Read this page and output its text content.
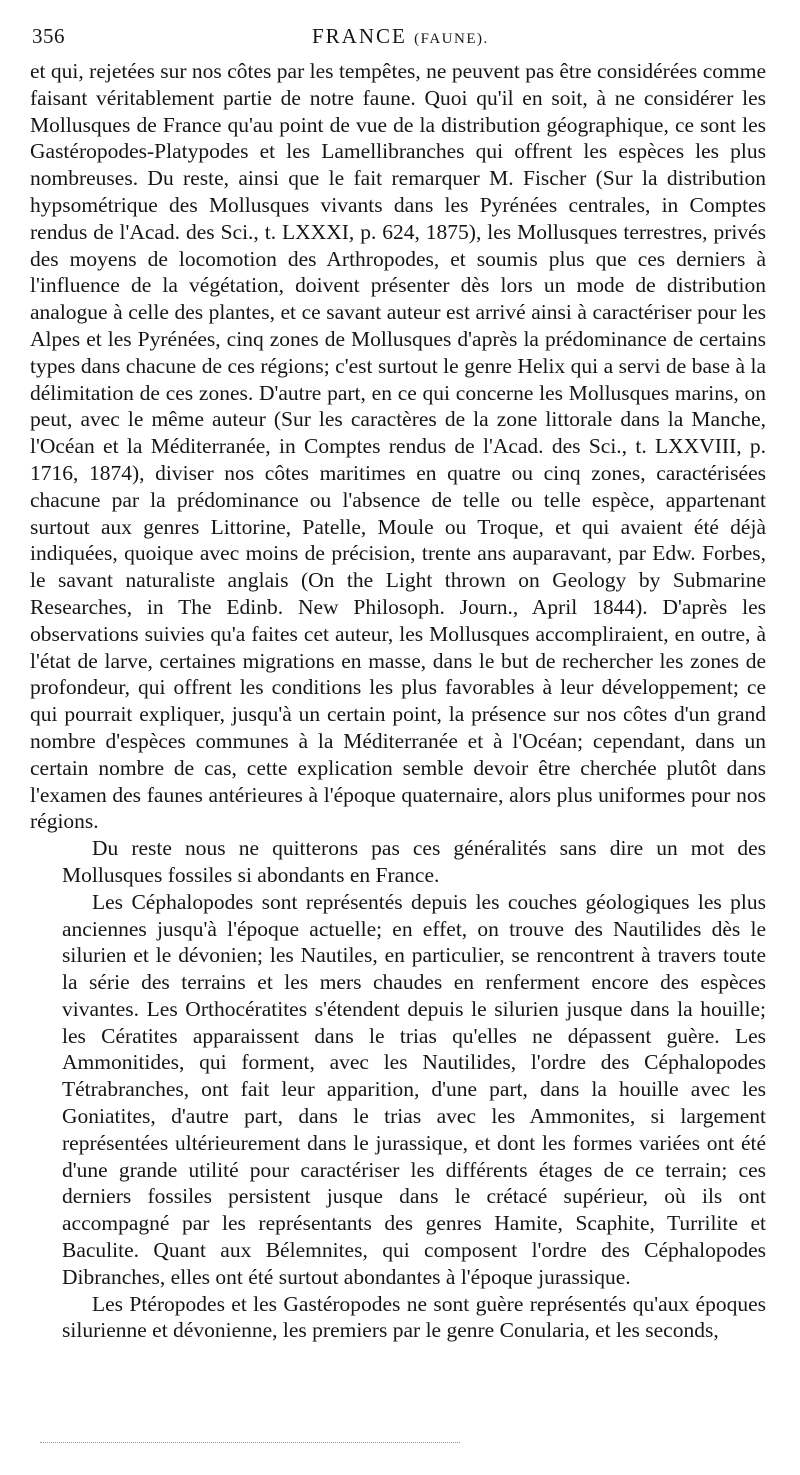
356	FRANCE (FAUNE).

et qui, rejetées sur nos côtes par les tempêtes, ne peuvent pas être considérées comme faisant véritablement partie de notre faune. Quoi qu'il en soit, à ne considérer les Mollusques de France qu'au point de vue de la distribution géographique, ce sont les Gastéropodes-Platypodes et les Lamellibranches qui offrent les espèces les plus nombreuses. Du reste, ainsi que le fait remarquer M. Fischer (Sur la distribution hypsométrique des Mollusques vivants dans les Pyrénées centrales, in Comptes rendus de l'Acad. des Sci., t. LXXXI, p. 624, 1875), les Mollusques terrestres, privés des moyens de locomotion des Arthropodes, et soumis plus que ces derniers à l'influence de la végétation, doivent présenter dès lors un mode de distribution analogue à celle des plantes, et ce savant auteur est arrivé ainsi à caractériser pour les Alpes et les Pyrénées, cinq zones de Mollusques d'après la prédominance de certains types dans chacune de ces régions; c'est surtout le genre Helix qui a servi de base à la délimitation de ces zones. D'autre part, en ce qui concerne les Mollusques marins, on peut, avec le même auteur (Sur les caractères de la zone littorale dans la Manche, l'Océan et la Méditerranée, in Comptes rendus de l'Acad. des Sci., t. LXXVIII, p. 1716, 1874), diviser nos côtes maritimes en quatre ou cinq zones, caractérisées chacune par la prédominance ou l'absence de telle ou telle espèce, appartenant surtout aux genres Littorine, Patelle, Moule ou Troque, et qui avaient été déjà indiquées, quoique avec moins de précision, trente ans auparavant, par Edw. Forbes, le savant naturaliste anglais (On the Light thrown on Geology by Submarine Researches, in The Edinb. New Philosoph. Journ., April 1844). D'après les observations suivies qu'a faites cet auteur, les Mollusques accompliraient, en outre, à l'état de larve, certaines migrations en masse, dans le but de rechercher les zones de profondeur, qui offrent les conditions les plus favorables à leur développement; ce qui pourrait expliquer, jusqu'à un certain point, la présence sur nos côtes d'un grand nombre d'espèces communes à la Méditerranée et à l'Océan; cependant, dans un certain nombre de cas, cette explication semble devoir être cherchée plutôt dans l'examen des faunes antérieures à l'époque quaternaire, alors plus uniformes pour nos régions.

Du reste nous ne quitterons pas ces généralités sans dire un mot des Mollusques fossiles si abondants en France.

Les Céphalopodes sont représentés depuis les couches géologiques les plus anciennes jusqu'à l'époque actuelle; en effet, on trouve des Nautilides dès le silurien et le dévonien; les Nautiles, en particulier, se rencontrent à travers toute la série des terrains et les mers chaudes en renferment encore des espèces vivantes. Les Orthocératites s'étendent depuis le silurien jusque dans la houille; les Cératites apparaissent dans le trias qu'elles ne dépassent guère. Les Ammonitides, qui forment, avec les Nautilides, l'ordre des Céphalopodes Tétrabranches, ont fait leur apparition, d'une part, dans la houille avec les Goniatites, d'autre part, dans le trias avec les Ammonites, si largement représentées ultérieurement dans le jurassique, et dont les formes variées ont été d'une grande utilité pour caractériser les différents étages de ce terrain; ces derniers fossiles persistent jusque dans le crétacé supérieur, où ils ont accompagné par les représentants des genres Hamite, Scaphite, Turrilite et Baculite. Quant aux Bélemnites, qui composent l'ordre des Céphalopodes Dibranches, elles ont été surtout abondantes à l'époque jurassique.

Les Ptéropodes et les Gastéropodes ne sont guère représentés qu'aux époques silurienne et dévonienne, les premiers par le genre Conularia, et les seconds,
